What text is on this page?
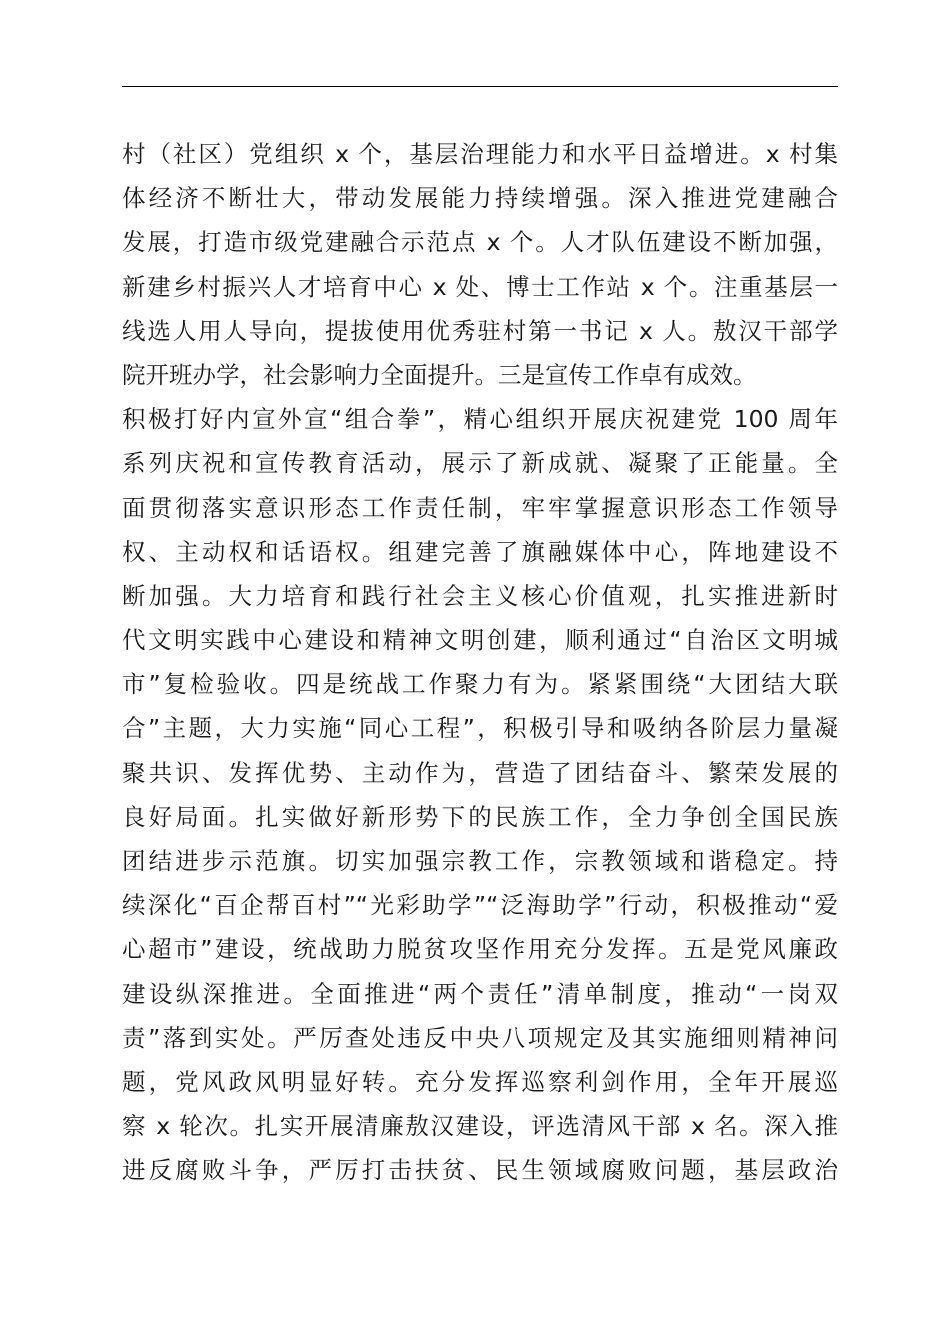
村（社区）党组织 x 个，基层治理能力和水平日益增进。x 村集
体经济不断壮大，带动发展能力持续增强。深入推进党建融合
发展，打造市级党建融合示范点 x 个。人才队伍建设不断加强，
新建乡村振兴人才培育中心 x 处、博士工作站 x 个。注重基层一
线选人用人导向，提拔使用优秀驻村第一书记 x 人。敖汉干部学
院开班办学，社会影响力全面提升。三是宣传工作卓有成效。
积极打好内宣外宣“组合拳”，精心组织开展庆祝建党 100 周年
系列庆祝和宣传教育活动，展示了新成就、凝聚了正能量。全
面贯彻落实意识形态工作责任制，牢牢掌握意识形态工作领导
权、主动权和话语权。组建完善了旗融媒体中心，阵地建设不
断加强。大力培育和践行社会主义核心价值观，扎实推进新时
代文明实践中心建设和精神文明创建，顺利通过“自治区文明城
市”复检验收。四是统战工作聚力有为。紧紧围绕“大团结大联
合”主题，大力实施“同心工程”，积极引导和吸纳各阶层力量凝
聚共识、发挥优势、主动作为，营造了团结奋斗、繁荣发展的
良好局面。扎实做好新形势下的民族工作，全力争创全国民族
团结进步示范旗。切实加强宗教工作，宗教领域和谐稳定。持
续深化“百企帮百村”“光彩助学”“泛海助学”行动，积极推动“爱
心超市”建设，统战助力脱贫攻坚作用充分发挥。五是党风廉政
建设纵深推进。全面推进“两个责任”清单制度，推动“一岗双
责”落到实处。严厉查处违反中央八项规定及其实施细则精神问
题，党风政风明显好转。充分发挥巡察利剑作用，全年开展巡
察 x 轮次。扎实开展清廉敖汉建设，评选清风干部 x 名。深入推
进反腐败斗争，严厉打击扶贫、民生领域腐败问题，基层政治
